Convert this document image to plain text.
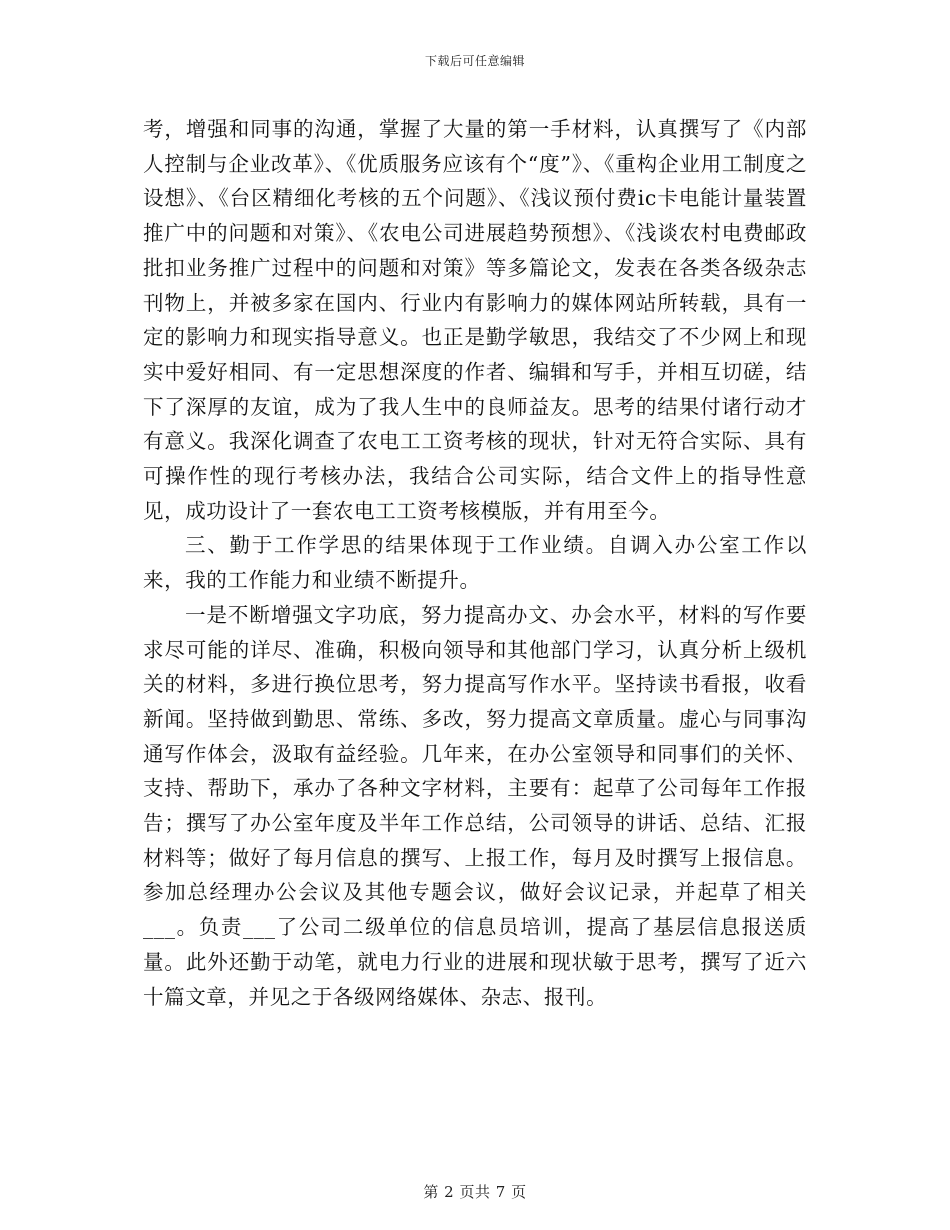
下载后可任意编辑

考，增强和同事的沟通，掌握了大量的第一手材料，认真撰写了《内部人控制与企业改革》、《优质服务应该有个“度”》、《重构企业用工制度之设想》、《台区精细化考核的五个问题》、《浅议预付费ic卡电能计量装置推广中的问题和对策》、《农电公司进展趋势预想》、《浅谈农村电费邮政批扣业务推广过程中的问题和对策》等多篇论文，发表在各类各级杂志刊物上，并被多家在国内、行业内有影响力的媒体网站所转载，具有一定的影响力和现实指导意义。也正是勤学敏思，我结交了不少网上和现实中爱好相同、有一定思想深度的作者、编辑和写手，并相互切磋，结下了深厚的友谊，成为了我人生中的良师益友。思考的结果付诸行动才有意义。我深化调查了农电工工资考核的现状，针对无符合实际、具有可操作性的现行考核办法，我结合公司实际，结合文件上的指导性意见，成功设计了一套农电工工资考核模版，并有用至今。

三、勤于工作学思的结果体现于工作业绩。自调入办公室工作以来，我的工作能力和业绩不断提升。

一是不断增强文字功底，努力提高办文、办会水平，材料的写作要求尽可能的详尽、准确，积极向领导和其他部门学习，认真分析上级机关的材料，多进行换位思考，努力提高写作水平。坚持读书看报，收看新闻。坚持做到勤思、常练、多改，努力提高文章质量。虚心与同事沟通写作体会，汲取有益经验。几年来，在办公室领导和同事们的关怀、支持、帮助下，承办了各种文字材料，主要有：起草了公司每年工作报告；撰写了办公室年度及半年工作总结，公司领导的讲话、总结、汇报材料等；做好了每月信息的撰写、上报工作，每月及时撰写上报信息。参加总经理办公会议及其他专题会议，做好会议记录，并起草了相关___。负责___了公司二级单位的信息员培训，提高了基层信息报送质量。此外还勤于动笔，就电力行业的进展和现状敏于思考，撰写了近六十篇文章，并见之于各级网络媒体、杂志、报刊。

第 2 页共 7 页
